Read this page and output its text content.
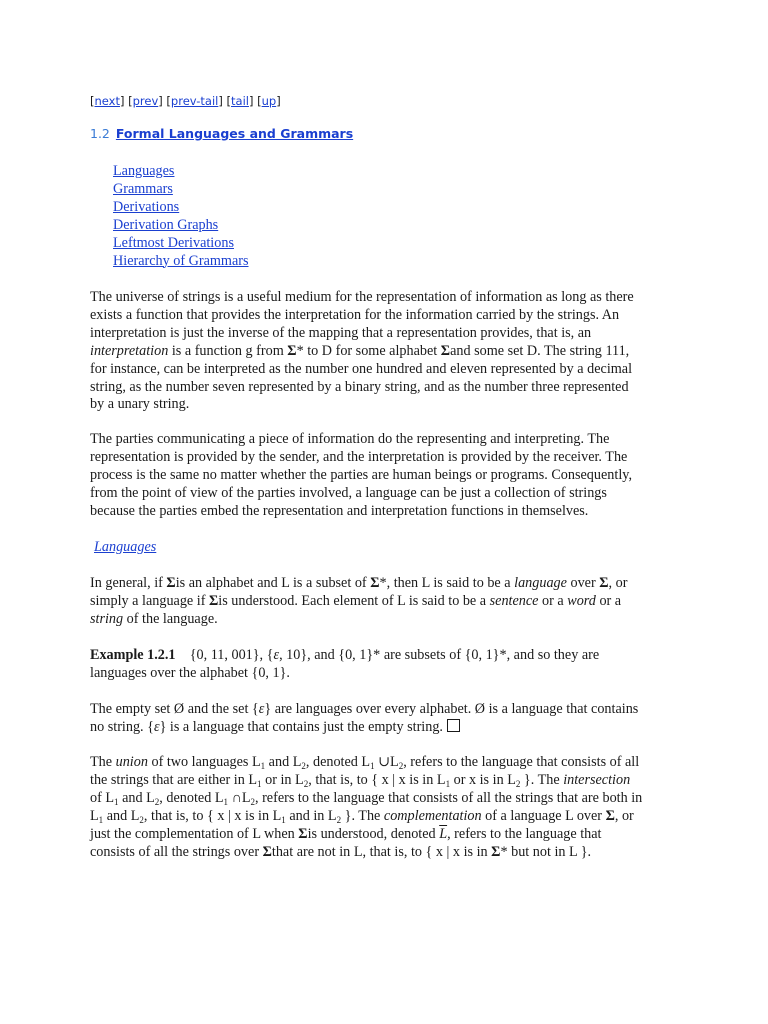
[next] [prev] [prev-tail] [tail] [up]
1.2 Formal Languages and Grammars
Languages
Grammars
Derivations
Derivation Graphs
Leftmost Derivations
Hierarchy of Grammars

The universe of strings is a useful medium for the representation of information as long as there
exists a function that provides the interpretation for the information carried by the strings. An
interpretation is just the inverse of the mapping that a representation provides, that is, an
interpretation is a function g from Σ* to D for some alphabet Σand some set D. The string 111,
for instance, can be interpreted as the number one hundred and eleven represented by a decimal
string, as the number seven represented by a binary string, and as the number three represented
by a unary string.

The parties communicating a piece of information do the representing and interpreting. The
representation is provided by the sender, and the interpretation is provided by the receiver. The
process is the same no matter whether the parties are human beings or programs. Consequently,
from the point of view of the parties involved, a language can be just a collection of strings
because the parties embed the representation and interpretation functions in themselves.

Languages

In general, if Σis an alphabet and L is a subset of Σ*, then L is said to be a language over Σ, or
simply a language if Σis understood. Each element of L is said to be a sentence or a word or a
string of the language.

Example 1.2.1 {0, 11, 001}, {ε, 10}, and {0, 1}* are subsets of {0, 1}*, and so they are
languages over the alphabet {0, 1}.

The empty set Ø and the set {ε} are languages over every alphabet. Ø is a language that contains
no string. {ε} is a language that contains just the empty string.

The union of two languages $L_1$ and $L_2$, denoted $L_1$ $\cup L_2$, refers to the language that consists of all
the strings that are either in $L_1$ or in $L_2$, that is, to { x | x is in $L_1$ or x is in $L_2$ }. The intersection
of $L_1$ and $L_2$, denoted $L_1$ $\cap L_2$, refers to the language that consists of all the strings that are both in
$L_1$ and $L_2$, that is, to { x | x is in $L_1$ and in $L_2$ }. The complementation of a language L over Σ, or
just the complementation of L when Σis understood, denoted $\overline{L}$, refers to the language that
consists of all the strings over Σthat are not in L, that is, to { x | x is in Σ* but not in L }.
